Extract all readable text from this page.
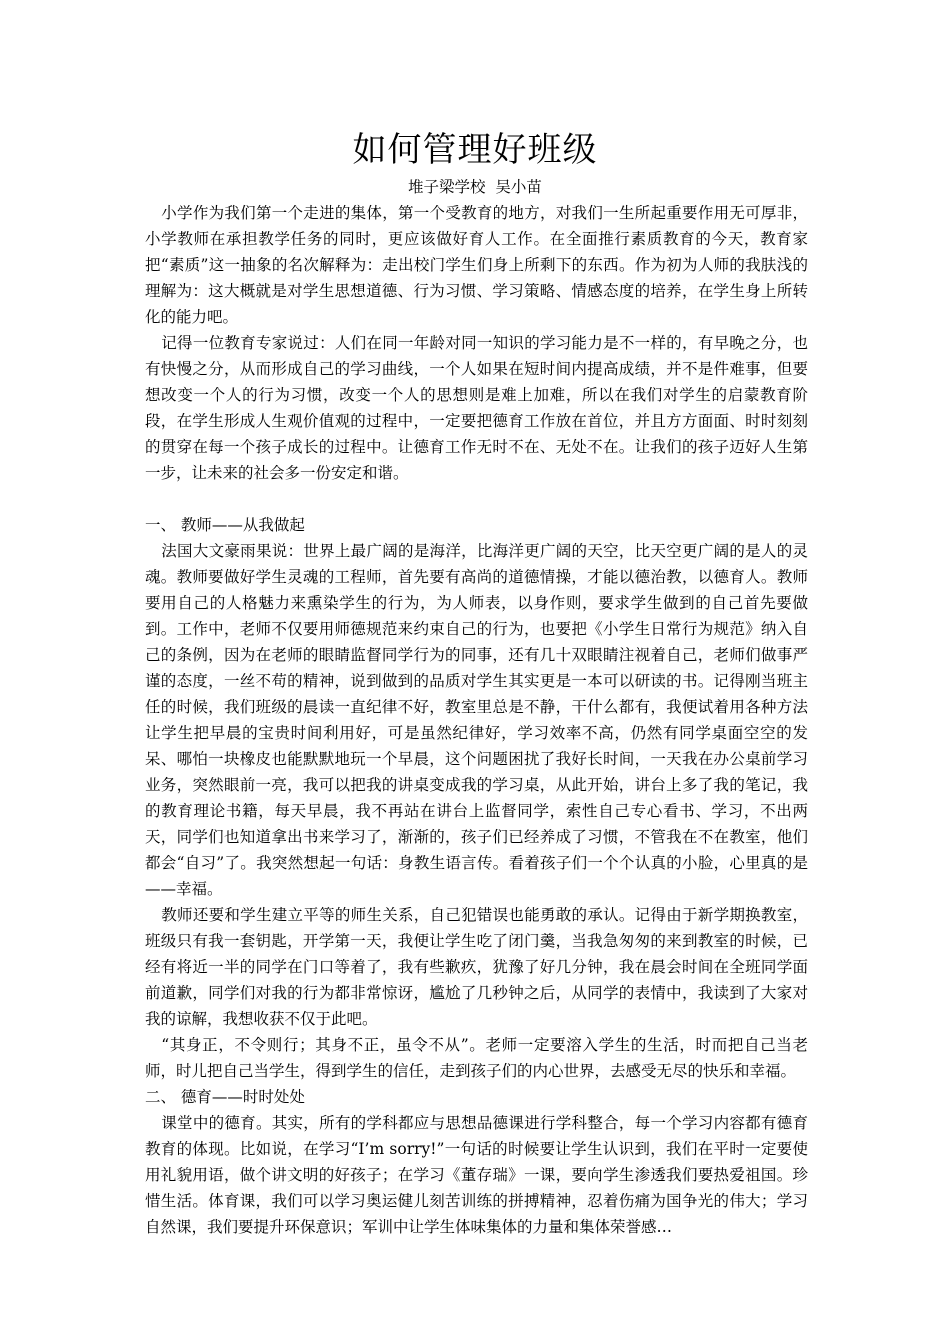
如何管理好班级
堆子梁学校 吴小苗

小学作为我们第一个走进的集体，第一个受教育的地方，对我们一生所起重要作用无可厚非，小学教师在承担教学任务的同时，更应该做好育人工作。在全面推行素质教育的今天，教育家把“素质”这一抽象的名次解释为：走出校门学生们身上所剩下的东西。作为初为人师的我肤浅的理解为：这大概就是对学生思想道德、行为习惯、学习策略、情感态度的培养，在学生身上所转化的能力吧。

记得一位教育专家说过：人们在同一年龄对同一知识的学习能力是不一样的，有早晚之分，也有快慢之分，从而形成自己的学习曲线，一个人如果在短时间内提高成绩，并不是件难事，但要想改变一个人的行为习惯，改变一个人的思想则是难上加难，所以在我们对学生的启蒙教育阶段，在学生形成人生观价值观的过程中，一定要把德育工作放在首位，并且方方面面、时时刻刻的贯穿在每一个孩子成长的过程中。让德育工作无时不在、无处不在。让我们的孩子迈好人生第一步，让未来的社会多一份安定和谐。

一、 教师——从我做起

法国大文豪雨果说：世界上最广阔的是海洋，比海洋更广阔的天空，比天空更广阔的是人的灵魂。教师要做好学生灵魂的工程师，首先要有高尚的道德情操，才能以德治教，以德育人。教师要用自己的人格魅力来熏染学生的行为，为人师表，以身作则，要求学生做到的自己首先要做到。工作中，老师不仅要用师德规范来约束自己的行为，也要把《小学生日常行为规范》纳入自己的条例，因为在老师的眼睛监督同学行为的同事，还有几十双眼睛注视着自己，老师们做事严谨的态度，一丝不苟的精神，说到做到的品质对学生其实更是一本可以研读的书。记得刚当班主任的时候，我们班级的晨读一直纪律不好，教室里总是不静，干什么都有，我便试着用各种方法让学生把早晨的宝贵时间利用好，可是虽然纪律好，学习效率不高，仍然有同学桌面空空的发呆、哪怕一块橡皮也能默默地玩一个早晨，这个问题困扰了我好长时间，一天我在办公桌前学习业务，突然眼前一亮，我可以把我的讲桌变成我的学习桌，从此开始，讲台上多了我的笔记，我的教育理论书籍，每天早晨，我不再站在讲台上监督同学，索性自己专心看书、学习，不出两天，同学们也知道拿出书来学习了，渐渐的，孩子们已经养成了习惯，不管我在不在教室，他们都会“自习”了。我突然想起一句话：身教生语言传。看着孩子们一个个认真的小脸，心里真的是——幸福。

教师还要和学生建立平等的师生关系，自己犯错误也能勇敢的承认。记得由于新学期换教室，班级只有我一套钥匙，开学第一天，我便让学生吃了闭门羹，当我急匆匆的来到教室的时候，已经有将近一半的同学在门口等着了，我有些歉疚，犹豫了好几分钟，我在晨会时间在全班同学面前道歉，同学们对我的行为都非常惊讶，尴尬了几秒钟之后，从同学的表情中，我读到了大家对我的谅解，我想收获不仅于此吧。

“其身正，不令则行；其身不正，虽令不从”。老师一定要溶入学生的生活，时而把自己当老师，时儿把自己当学生，得到学生的信任，走到孩子们的内心世界，去感受无尽的快乐和幸福。

二、 德育——时时处处

课堂中的德育。其实，所有的学科都应与思想品德课进行学科整合，每一个学习内容都有德育教育的体现。比如说，在学习“I’m sorry!”一句话的时候要让学生认识到，我们在平时一定要使用礼貌用语，做个讲文明的好孩子；在学习《董存瑞》一课，要向学生渗透我们要热爱祖国。珍惜生活。体育课，我们可以学习奥运健儿刻苦训练的拼搏精神，忍着伤痛为国争光的伟大；学习自然课，我们要提升环保意识；军训中让学生体味集体的力量和集体荣誉感…
